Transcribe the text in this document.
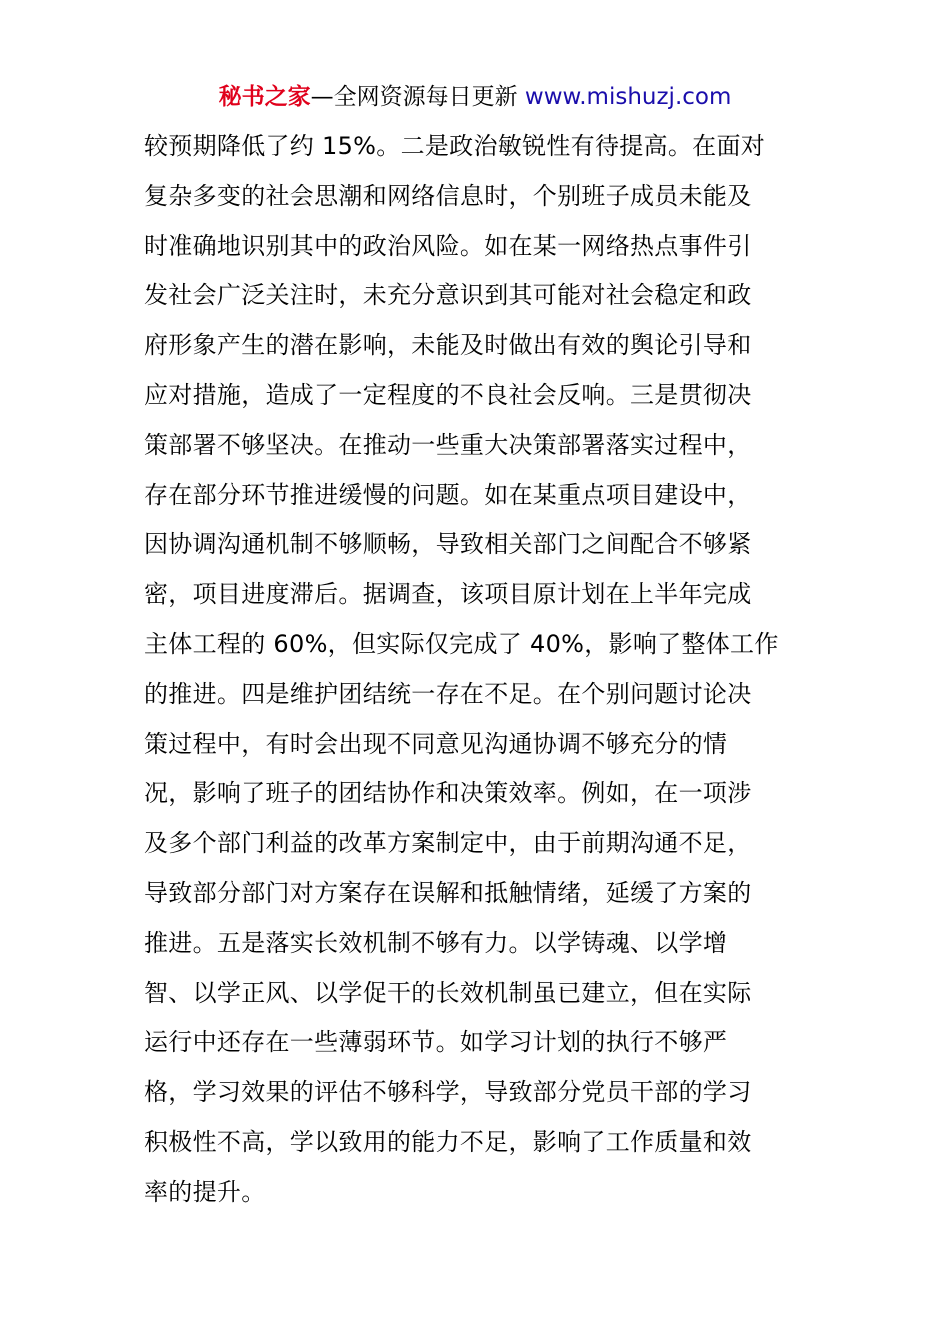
秘书之家—全网资源每日更新 www.mishuzj.com
较预期降低了约 15%。二是政治敏锐性有待提高。在面对
复杂多变的社会思潮和网络信息时，个别班子成员未能及
时准确地识别其中的政治风险。如在某一网络热点事件引
发社会广泛关注时，未充分意识到其可能对社会稳定和政
府形象产生的潜在影响，未能及时做出有效的舆论引导和
应对措施，造成了一定程度的不良社会反响。三是贯彻决
策部署不够坚决。在推动一些重大决策部署落实过程中，
存在部分环节推进缓慢的问题。如在某重点项目建设中，
因协调沟通机制不够顺畅，导致相关部门之间配合不够紧
密，项目进度滞后。据调查，该项目原计划在上半年完成
主体工程的 60%，但实际仅完成了 40%，影响了整体工作
的推进。四是维护团结统一存在不足。在个别问题讨论决
策过程中，有时会出现不同意见沟通协调不够充分的情
况，影响了班子的团结协作和决策效率。例如，在一项涉
及多个部门利益的改革方案制定中，由于前期沟通不足，
导致部分部门对方案存在误解和抵触情绪，延缓了方案的
推进。五是落实长效机制不够有力。以学铸魂、以学增
智、以学正风、以学促干的长效机制虽已建立，但在实际
运行中还存在一些薄弱环节。如学习计划的执行不够严
格，学习效果的评估不够科学，导致部分党员干部的学习
积极性不高，学以致用的能力不足，影响了工作质量和效
率的提升。
